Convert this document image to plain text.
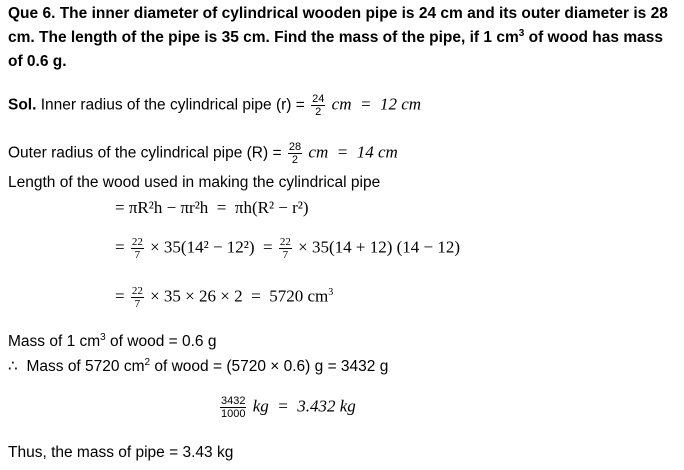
Que 6. The inner diameter of cylindrical wooden pipe is 24 cm and its outer diameter is 28
cm. The length of the pipe is 35 cm. Find the mass of the pipe, if 1 $cm^3$ of wood has mass
of 0.6 g.
Sol. Inner radius of the cylindrical pipe $(r) = \frac{24}{2}$ cm  =  12 cm
Outer radius of the cylindrical pipe $(R) = \frac{28}{2}$ cm  =  14 cm
Length of the wood used in making the cylindrical pipe
= πR²h − πr²h  =  πh(R² − r²)
= $\frac{22}{7} \times 35(14^2 - 12^2) = \frac{22}{7} \times 35(14 + 12) (14 - 12)$
= $\frac{22}{7} \times 35 \times 26 \times 2 = 5720$ $cm^3$
Mass of 1 $cm^3$ of wood = 0.6 g
∴  Mass of 5720 $cm^2$ of wood = (5720 × 0.6) g = 3432 g
$\frac{3432}{1000}$ kg  =  3.432 kg
Thus, the mass of pipe = 3.43 kg
